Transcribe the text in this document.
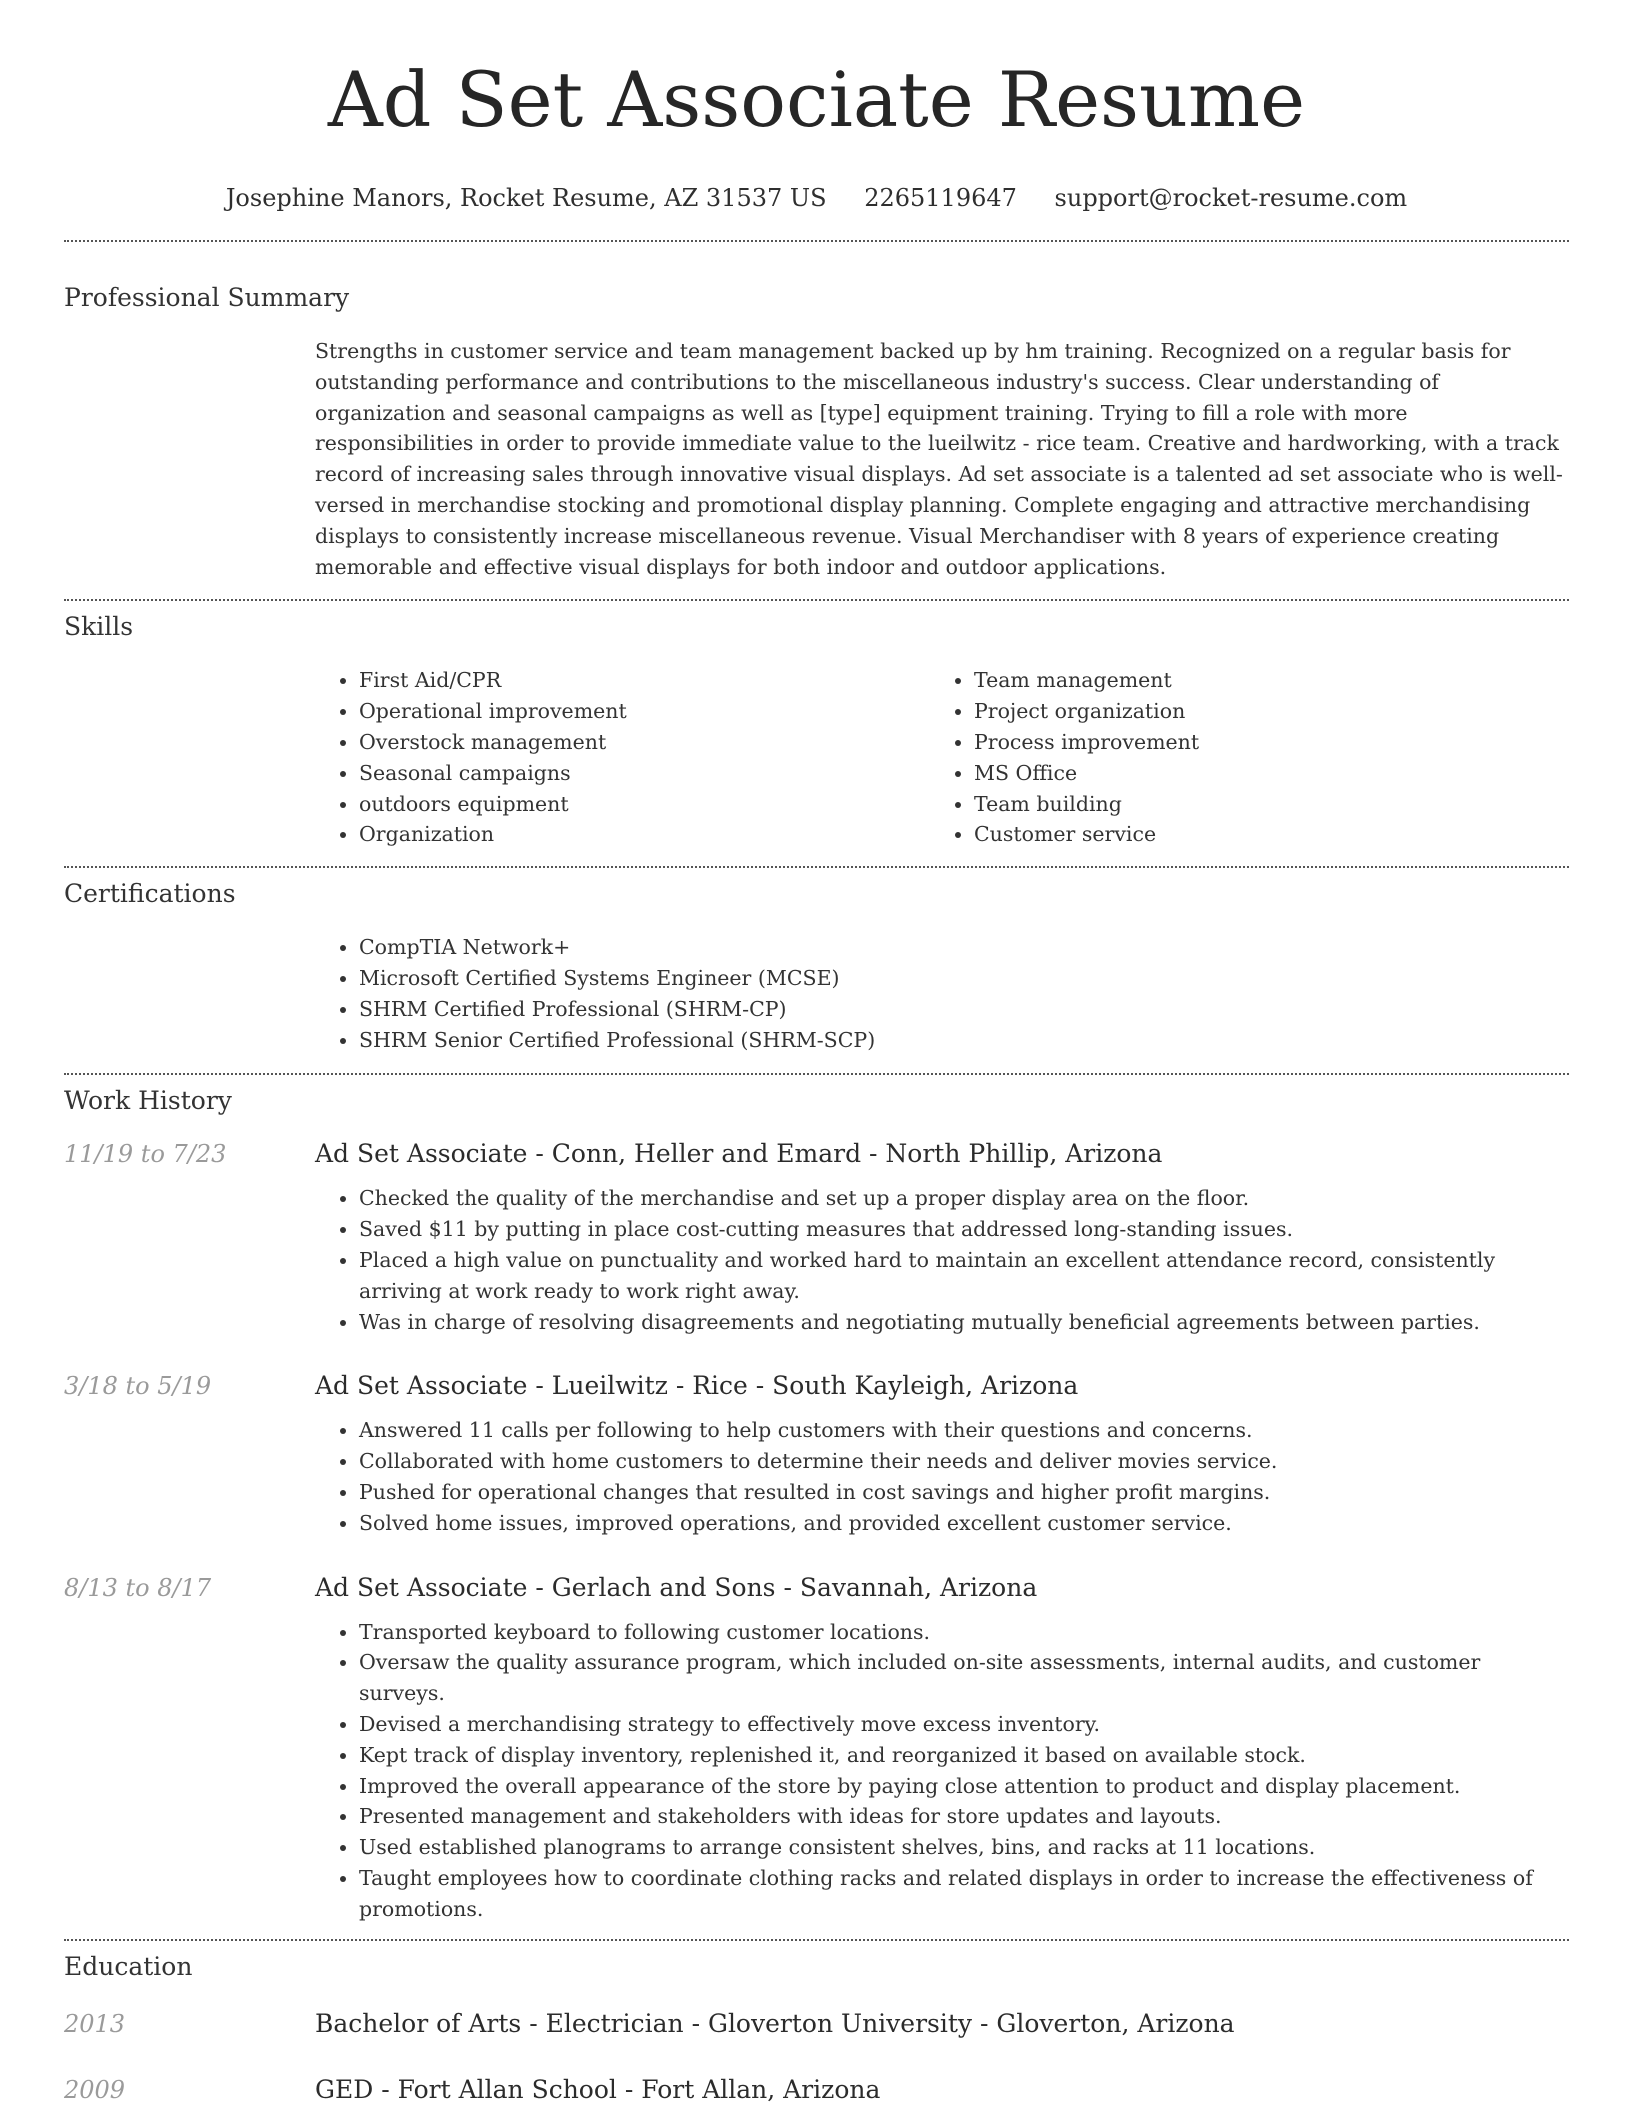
Ad Set Associate Resume
Josephine Manors, Rocket Resume, AZ 31537 US 2265119647 support@rocket-resume.com
Professional Summary

Strengths in customer service and team management backed up by hm training. Recognized on a regular basis for outstanding performance and contributions to the miscellaneous industry's success. Clear understanding of organization and seasonal campaigns as well as [type] equipment training. Trying to fill a role with more responsibilities in order to provide immediate value to the lueilwitz - rice team. Creative and hardworking, with a track record of increasing sales through innovative visual displays. Ad set associate is a talented ad set associate who is well-versed in merchandise stocking and promotional display planning. Complete engaging and attractive merchandising displays to consistently increase miscellaneous revenue. Visual Merchandiser with 8 years of experience creating memorable and effective visual displays for both indoor and outdoor applications.

Skills
• First Aid/CPR
• Operational improvement
• Overstock management
• Seasonal campaigns
• outdoors equipment
• Organization
• Team management
• Project organization
• Process improvement
• MS Office
• Team building
• Customer service
Certifications
• CompTIA Network+
• Microsoft Certified Systems Engineer (MCSE)
• SHRM Certified Professional (SHRM-CP)
• SHRM Senior Certified Professional (SHRM-SCP)
Work History
11/19 to 7/23	Ad Set Associate - Conn, Heller and Emard - North Phillip, Arizona
• Checked the quality of the merchandise and set up a proper display area on the floor.
• Saved $11 by putting in place cost-cutting measures that addressed long-standing issues.
• Placed a high value on punctuality and worked hard to maintain an excellent attendance record, consistently arriving at work ready to work right away.
• Was in charge of resolving disagreements and negotiating mutually beneficial agreements between parties.
3/18 to 5/19	Ad Set Associate - Lueilwitz - Rice - South Kayleigh, Arizona
• Answered 11 calls per following to help customers with their questions and concerns.
• Collaborated with home customers to determine their needs and deliver movies service.
• Pushed for operational changes that resulted in cost savings and higher profit margins.
• Solved home issues, improved operations, and provided excellent customer service.
8/13 to 8/17	Ad Set Associate - Gerlach and Sons - Savannah, Arizona
• Transported keyboard to following customer locations.
• Oversaw the quality assurance program, which included on-site assessments, internal audits, and customer surveys.
• Devised a merchandising strategy to effectively move excess inventory.
• Kept track of display inventory, replenished it, and reorganized it based on available stock.
• Improved the overall appearance of the store by paying close attention to product and display placement.
• Presented management and stakeholders with ideas for store updates and layouts.
• Used established planograms to arrange consistent shelves, bins, and racks at 11 locations.
• Taught employees how to coordinate clothing racks and related displays in order to increase the effectiveness of promotions.
Education
2013	Bachelor of Arts - Electrician - Gloverton University - Gloverton, Arizona
2009	GED - Fort Allan School - Fort Allan, Arizona
